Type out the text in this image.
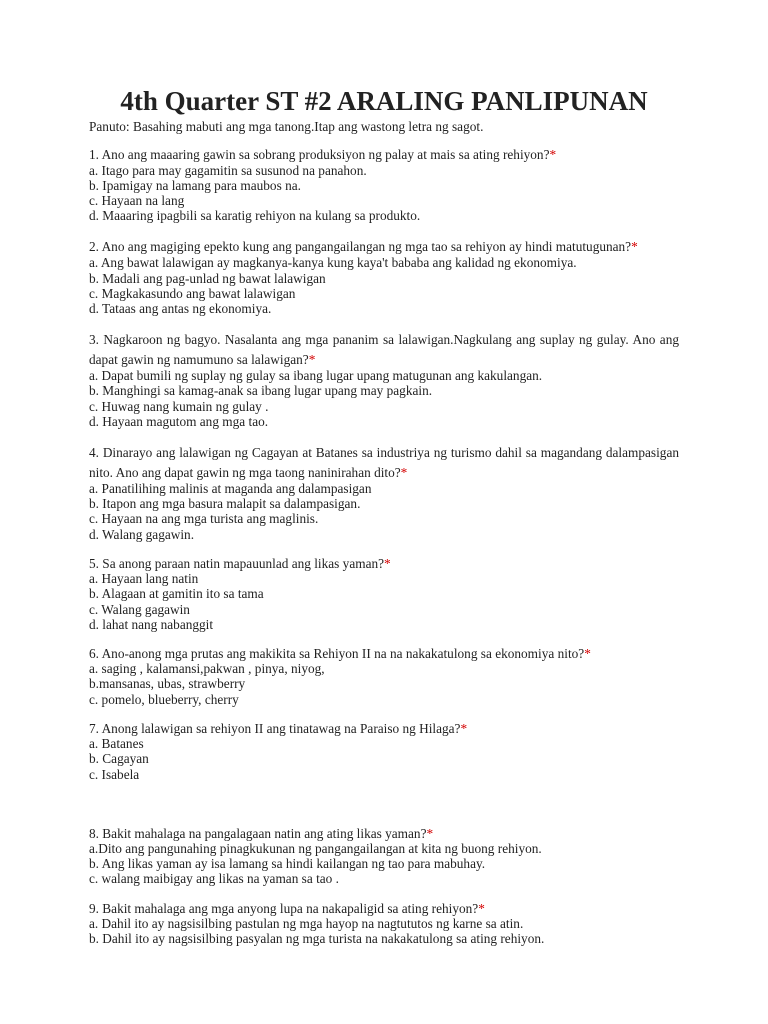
4th Quarter ST #2 ARALING PANLIPUNAN
Panuto: Basahing mabuti ang mga tanong.Itap ang wastong letra ng sagot.
1. Ano ang maaaring gawin sa sobrang produksiyon ng palay at mais sa ating rehiyon?*
a. Itago para may gagamitin sa susunod na panahon.
b. Ipamigay na lamang para maubos na.
c. Hayaan na lang
d. Maaaring ipagbili sa karatig rehiyon na kulang sa produkto.
2. Ano ang magiging epekto kung ang pangangailangan ng mga tao sa rehiyon ay hindi matutugunan?*
a. Ang bawat lalawigan ay magkanya-kanya kung kaya't bababa ang kalidad ng ekonomiya.
b. Madali ang pag-unlad ng bawat lalawigan
c. Magkakasundo ang bawat lalawigan
d. Tataas ang antas ng ekonomiya.
3. Nagkaroon ng bagyo. Nasalanta ang mga pananim sa lalawigan.Nagkulang ang suplay ng gulay. Ano ang dapat gawin ng namumuno sa lalawigan?*
a. Dapat bumili ng suplay ng gulay sa ibang lugar upang matugunan ang kakulangan.
b. Manghingi sa kamag-anak sa ibang lugar upang may pagkain.
c. Huwag nang kumain ng gulay .
d. Hayaan magutom ang mga tao.
4. Dinarayo ang lalawigan ng Cagayan at Batanes sa industriya ng turismo dahil sa magandang dalampasigan nito. Ano ang dapat gawin ng mga taong naninirahan dito?*
a. Panatilihing malinis at maganda ang dalampasigan
b. Itapon ang mga basura malapit sa dalampasigan.
c. Hayaan na ang mga turista ang maglinis.
d. Walang gagawin.
5. Sa anong paraan natin mapauunlad ang likas yaman?*
a. Hayaan lang natin
b. Alagaan at gamitin ito sa tama
c. Walang gagawin
d. lahat nang nabanggit
6. Ano-anong mga prutas ang makikita sa Rehiyon II na na nakakatulong sa ekonomiya nito?*
a. saging , kalamansi,pakwan , pinya, niyog,
b.mansanas, ubas, strawberry
c. pomelo, blueberry, cherry
7. Anong lalawigan sa rehiyon II ang tinatawag na Paraiso ng Hilaga?*
a. Batanes
b. Cagayan
c. Isabela
8. Bakit mahalaga na pangalagaan natin ang ating likas yaman?*
a.Dito ang pangunahing pinagkukunan ng pangangailangan at kita ng buong rehiyon.
b. Ang likas yaman ay isa lamang sa hindi kailangan ng tao para mabuhay.
c. walang maibigay ang likas na yaman sa tao .
9. Bakit mahalaga ang mga anyong lupa na nakapaligid sa ating rehiyon?*
a. Dahil ito ay nagsisilbing pastulan ng mga hayop na nagtututos ng karne sa atin.
b. Dahil ito ay nagsisilbing pasyalan ng mga turista na nakakatulong sa ating rehiyon.
